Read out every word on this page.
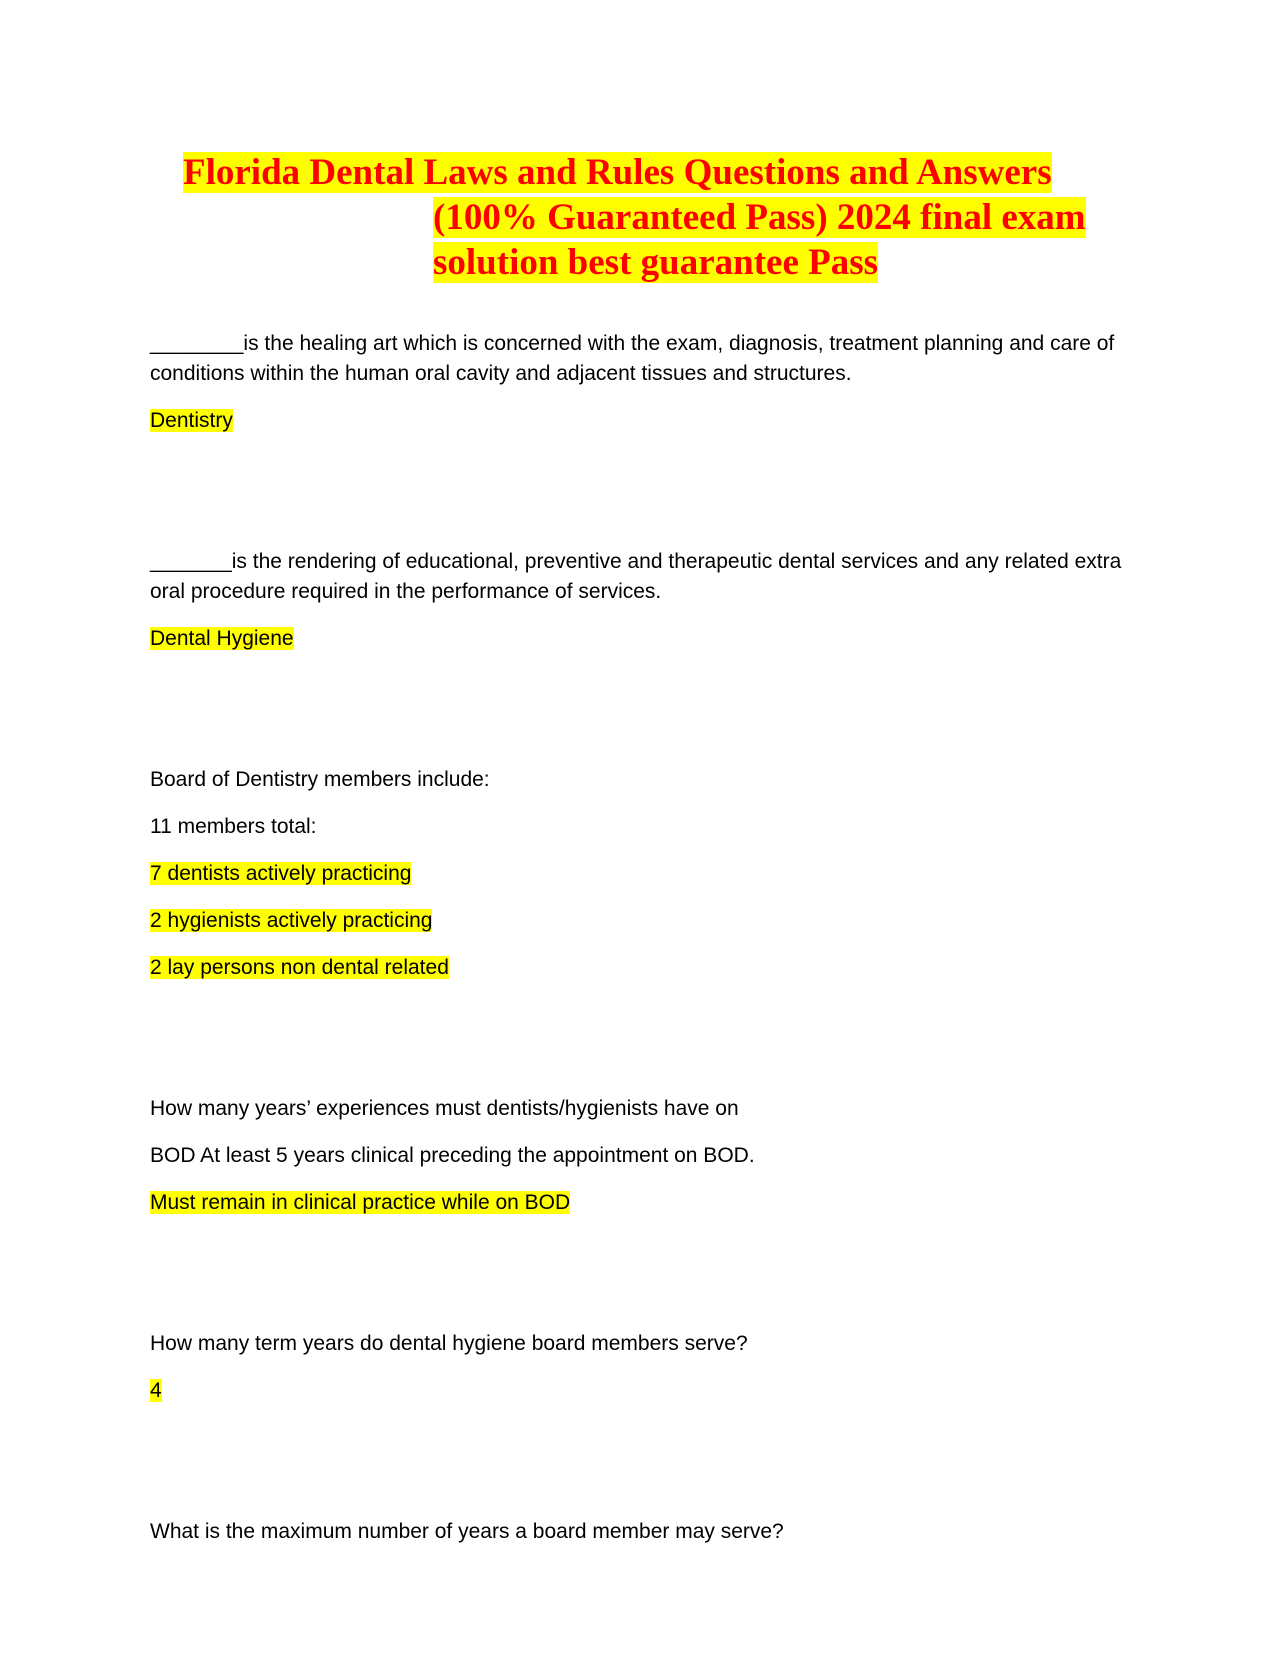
Florida Dental Laws and Rules Questions and Answers
(100% Guaranteed Pass) 2024 final exam
solution best guarantee Pass
________is the healing art which is concerned with the exam, diagnosis, treatment planning and care of
conditions within the human oral cavity and adjacent tissues and structures.
Dentistry
_______is the rendering of educational, preventive and therapeutic dental services and any related extra
oral procedure required in the performance of services.
Dental Hygiene
Board of Dentistry members include:
11 members total:
7 dentists actively practicing
2 hygienists actively practicing
2 lay persons non dental related
How many years’ experiences must dentists/hygienists have on
BOD At least 5 years clinical preceding the appointment on BOD.
Must remain in clinical practice while on BOD
How many term years do dental hygiene board members serve?
4
What is the maximum number of years a board member may serve?
